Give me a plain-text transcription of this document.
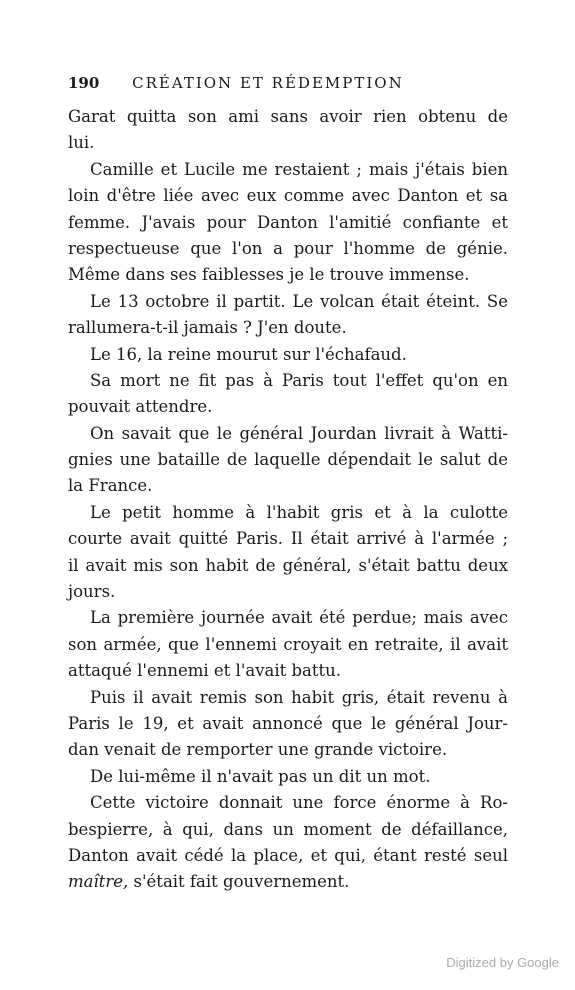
190 CRÉATION ET RÉDEMPTION
Garat quitta son ami sans avoir rien obtenu de
lui.
Camille et Lucile me restaient ; mais j'étais bien
loin d'être liée avec eux comme avec Danton et sa
femme. J'avais pour Danton l'amitié confiante et
respectueuse que l'on a pour l'homme de génie.
Même dans ses faiblesses je le trouve immense.
Le 13 octobre il partit. Le volcan était éteint. Se
rallumera-t-il jamais ? J'en doute.
Le 16, la reine mourut sur l'échafaud.
Sa mort ne fit pas à Paris tout l'effet qu'on en
pouvait attendre.
On savait que le général Jourdan livrait à Watti-
gnies une bataille de laquelle dépendait le salut de
la France.
Le petit homme à l'habit gris et à la culotte
courte avait quitté Paris. Il était arrivé à l'armée ;
il avait mis son habit de général, s'était battu deux
jours.
La première journée avait été perdue; mais avec
son armée, que l'ennemi croyait en retraite, il avait
attaqué l'ennemi et l'avait battu.
Puis il avait remis son habit gris, était revenu à
Paris le 19, et avait annoncé que le général Jour-
dan venait de remporter une grande victoire.
De lui-même il n'avait pas un dit un mot.
Cette victoire donnait une force énorme à Ro-
bespierre, à qui, dans un moment de défaillance,
Danton avait cédé la place, et qui, étant resté seul
maître, s'était fait gouvernement.
Digitized by Google
